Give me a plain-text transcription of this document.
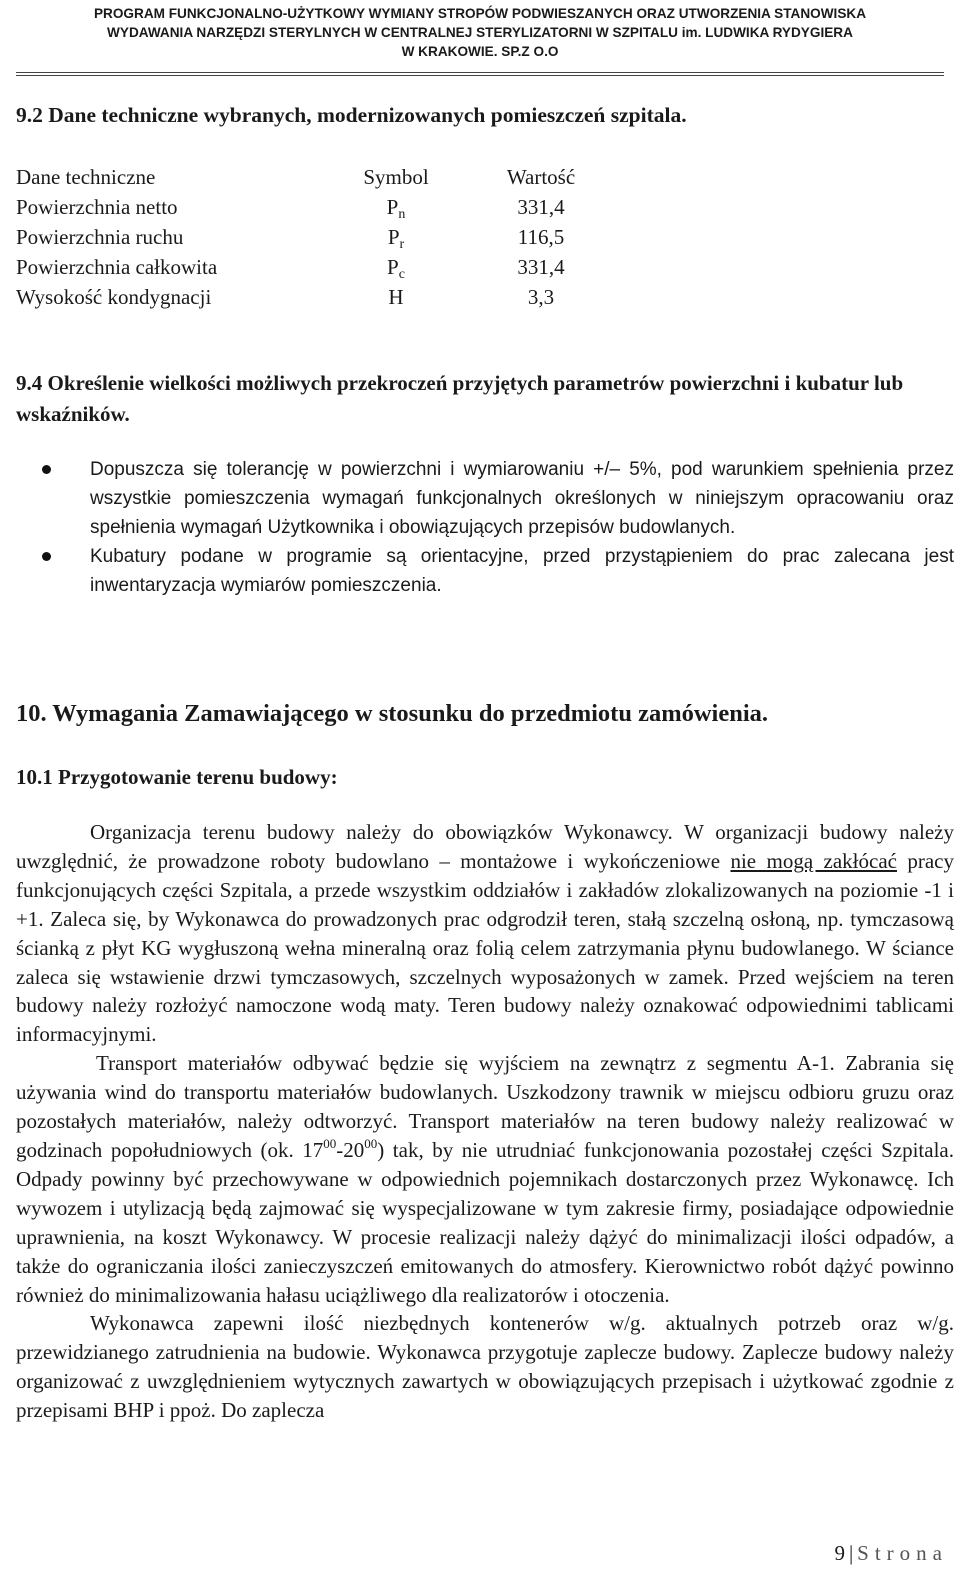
PROGRAM FUNKCJONALNO-UŻYTKOWY WYMIANY STROPÓW PODWIESZANYCH ORAZ UTWORZENIA STANOWISKA
WYDAWANIA NARZĘDZI STERYLNYCH W CENTRALNEJ STERYLIZATORNI W SZPITALU im. LUDWIKA RYDYGIERA
W KRAKOWIE. SP.Z O.O
9.2 Dane techniczne wybranych, modernizowanych pomieszczeń szpitala.
Dane techniczne	Symbol	Wartość
Powierzchnia netto	$P_n$	331,4
Powierzchnia ruchu	$P_r$	116,5
Powierzchnia całkowita	$P_c$	331,4
Wysokość kondygnacji	H	3,3
9.4 Określenie wielkości możliwych przekroczeń przyjętych parametrów powierzchni i kubatur lub wskaźników.
Dopuszcza się tolerancję w powierzchni i wymiarowaniu +/– 5%, pod warunkiem spełnienia przez wszystkie pomieszczenia wymagań funkcjonalnych określonych w niniejszym opracowaniu oraz spełnienia wymagań Użytkownika i obowiązujących przepisów budowlanych.
Kubatury podane w programie są orientacyjne, przed przystąpieniem do prac zalecana jest inwentaryzacja wymiarów pomieszczenia.
10. Wymagania Zamawiającego w stosunku do przedmiotu zamówienia.
10.1 Przygotowanie terenu budowy:

Organizacja terenu budowy należy do obowiązków Wykonawcy. W organizacji budowy należy uwzględnić, że prowadzone roboty budowlano – montażowe i wykończeniowe nie mogą zakłócać pracy funkcjonujących części Szpitala, a przede wszystkim oddziałów i zakładów zlokalizowanych na poziomie -1 i +1. Zaleca się, by Wykonawca do prowadzonych prac odgrodził teren, stałą szczelną osłoną, np. tymczasową ścianką z płyt KG wygłuszoną wełna mineralną oraz folią celem zatrzymania płynu budowlanego. W ściance zaleca się wstawienie drzwi tymczasowych, szczelnych wyposażonych w zamek. Przed wejściem na teren budowy należy rozłożyć namoczone wodą maty. Teren budowy należy oznakować odpowiednimi tablicami informacyjnymi.

Transport materiałów odbywać będzie się wyjściem na zewnątrz z segmentu A-1. Zabrania się używania wind do transportu materiałów budowlanych. Uszkodzony trawnik w miejscu odbioru gruzu oraz pozostałych materiałów, należy odtworzyć. Transport materiałów na teren budowy należy realizować w godzinach popołudniowych (ok. $17^{00}-20^{00}$) tak, by nie utrudniać funkcjonowania pozostałej części Szpitala. Odpady powinny być przechowywane w odpowiednich pojemnikach dostarczonych przez Wykonawcę. Ich wywozem i utylizacją będą zajmować się wyspecjalizowane w tym zakresie firmy, posiadające odpowiednie uprawnienia, na koszt Wykonawcy. W procesie realizacji należy dążyć do minimalizacji ilości odpadów, a także do ograniczania ilości zanieczyszczeń emitowanych do atmosfery. Kierownictwo robót dążyć powinno również do minimalizowania hałasu uciążliwego dla realizatorów i otoczenia.

Wykonawca zapewni ilość niezbędnych kontenerów w/g. aktualnych potrzeb oraz w/g. przewidzianego zatrudnienia na budowie. Wykonawca przygotuje zaplecze budowy. Zaplecze budowy należy organizować z uwzględnieniem wytycznych zawartych w obowiązujących przepisach i użytkować zgodnie z przepisami BHP i ppoż. Do zaplecza

9 | Strona
